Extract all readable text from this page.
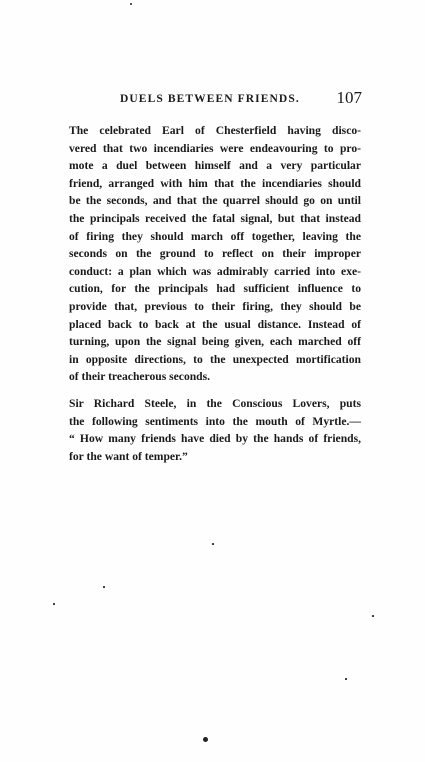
DUELS BETWEEN FRIENDS. 107

The celebrated Earl of Chesterfield having disco-
vered that two incendiaries were endeavouring to pro-
mote a duel between himself and a very particular
friend, arranged with him that the incendiaries should
be the seconds, and that the quarrel should go on until
the principals received the fatal signal, but that instead
of firing they should march off together, leaving the
seconds on the ground to reflect on their improper
conduct: a plan which was admirably carried into exe-
cution, for the principals had sufficient influence to
provide that, previous to their firing, they should be
placed back to back at the usual distance. Instead of
turning, upon the signal being given, each marched off
in opposite directions, to the unexpected mortification
of their treacherous seconds.

Sir Richard Steele, in the Conscious Lovers, puts
the following sentiments into the mouth of Myrtle.—
“ How many friends have died by the hands of friends,
for the want of temper.”
